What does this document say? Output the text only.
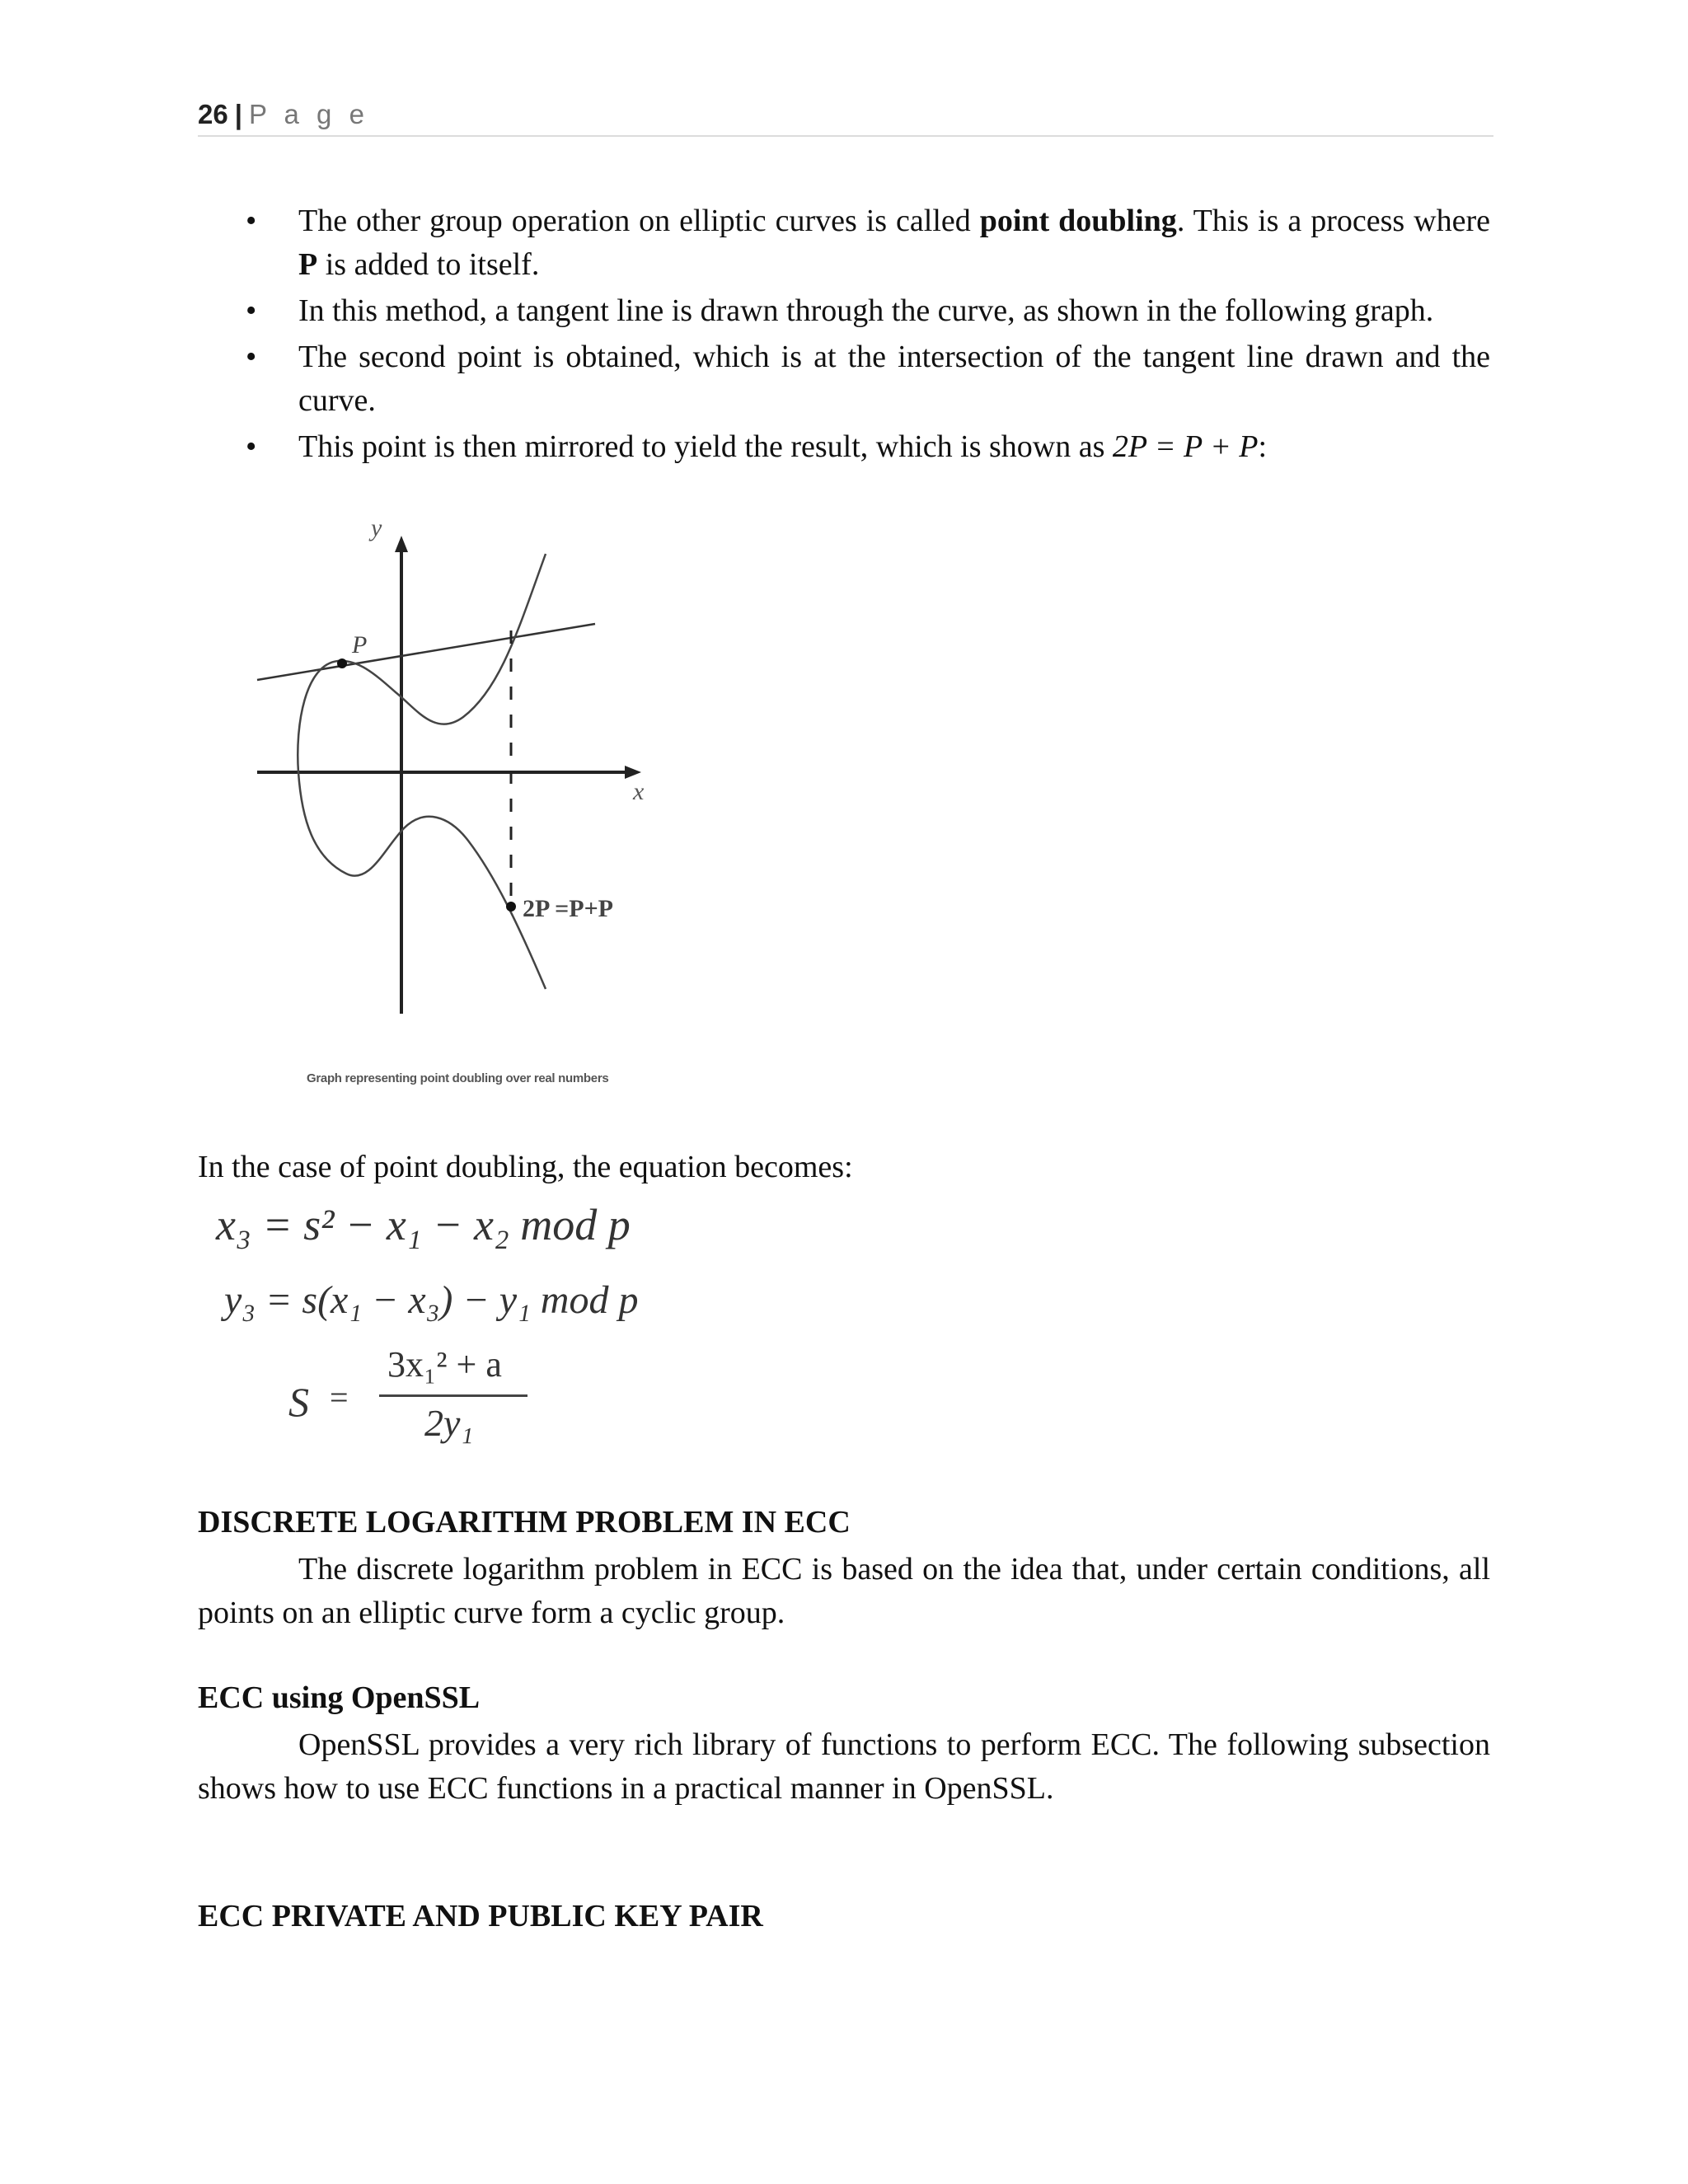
26 | P a g e
• The other group operation on elliptic curves is called point doubling. This is a process where P is added to itself.
• In this method, a tangent line is drawn through the curve, as shown in the following graph.
• The second point is obtained, which is at the intersection of the tangent line drawn and the curve.
• This point is then mirrored to yield the result, which is shown as 2P = P + P:
y
x
P
2P =P+P
Graph representing point doubling over real numbers
In the case of point doubling, the equation becomes:
x₃ = s² − x₁ − x₂ mod p
y₃ = s(x₁ − x₃) − y₁ mod p
S =
3x₁² + a
2y₁
DISCRETE LOGARITHM PROBLEM IN ECC
The discrete logarithm problem in ECC is based on the idea that, under certain conditions, all points on an elliptic curve form a cyclic group.
ECC using OpenSSL
OpenSSL provides a very rich library of functions to perform ECC. The following subsection shows how to use ECC functions in a practical manner in OpenSSL.
ECC PRIVATE AND PUBLIC KEY PAIR
